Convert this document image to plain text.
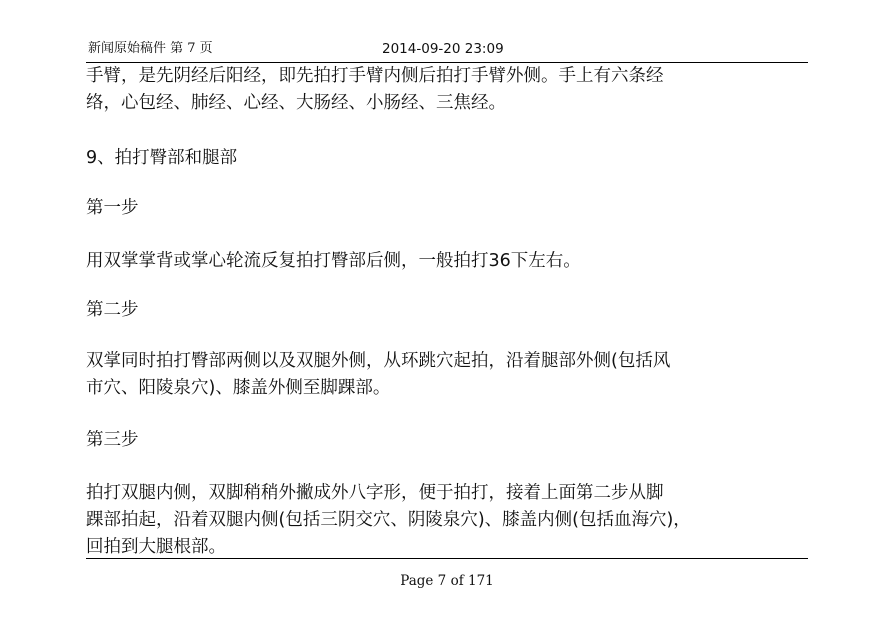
新闻原始稿件 第 7 页	2014-09-20 23:09
手臂，是先阴经后阳经，即先拍打手臂内侧后拍打手臂外侧。手上有六条经
络，心包经、肺经、心经、大肠经、小肠经、三焦经。
9、拍打臀部和腿部
第一步
用双掌掌背或掌心轮流反复拍打臀部后侧，一般拍打36下左右。
第二步
双掌同时拍打臀部两侧以及双腿外侧，从环跳穴起拍，沿着腿部外侧(包括风
市穴、阳陵泉穴)、膝盖外侧至脚踝部。
第三步
拍打双腿内侧，双脚稍稍外撇成外八字形，便于拍打，接着上面第二步从脚
踝部拍起，沿着双腿内侧(包括三阴交穴、阴陵泉穴)、膝盖内侧(包括血海穴)，
回拍到大腿根部。
Page 7 of 171
